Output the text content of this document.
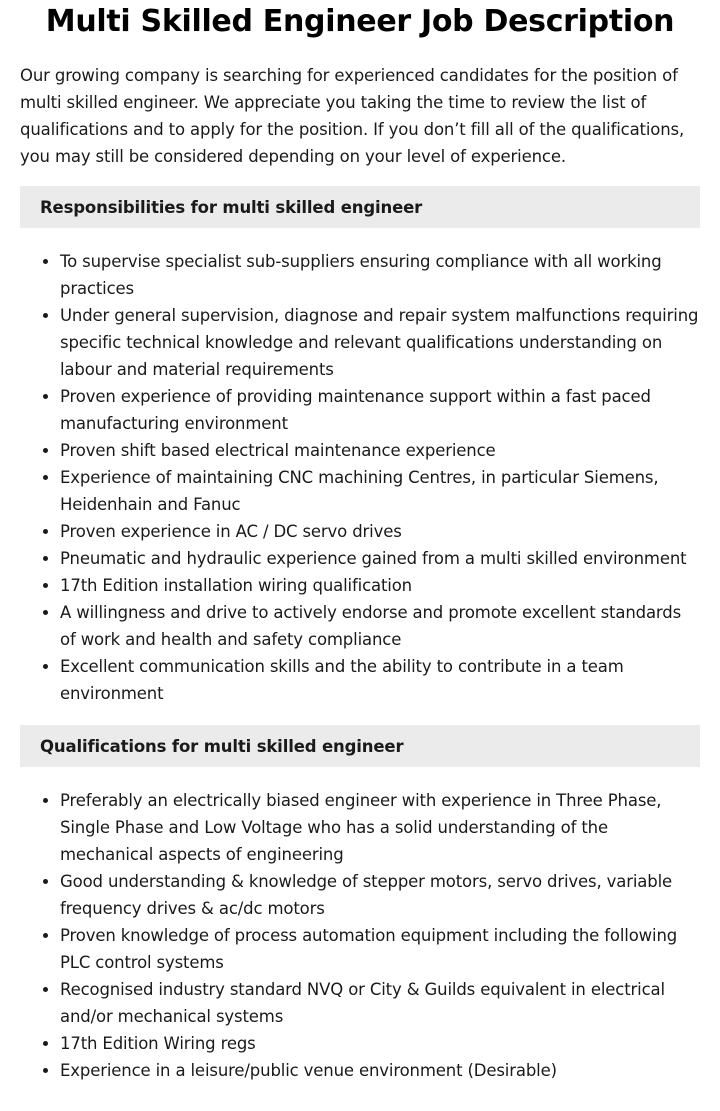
Multi Skilled Engineer Job Description

Our growing company is searching for experienced candidates for the position of multi skilled engineer. We appreciate you taking the time to review the list of qualifications and to apply for the position. If you don’t fill all of the qualifications, you may still be considered depending on your level of experience.

Responsibilities for multi skilled engineer
• To supervise specialist sub-suppliers ensuring compliance with all working practices
• Under general supervision, diagnose and repair system malfunctions requiring specific technical knowledge and relevant qualifications understanding on labour and material requirements
• Proven experience of providing maintenance support within a fast paced manufacturing environment
• Proven shift based electrical maintenance experience
• Experience of maintaining CNC machining Centres, in particular Siemens, Heidenhain and Fanuc
• Proven experience in AC / DC servo drives
• Pneumatic and hydraulic experience gained from a multi skilled environment
• 17th Edition installation wiring qualification
• A willingness and drive to actively endorse and promote excellent standards of work and health and safety compliance
• Excellent communication skills and the ability to contribute in a team environment
Qualifications for multi skilled engineer
• Preferably an electrically biased engineer with experience in Three Phase, Single Phase and Low Voltage who has a solid understanding of the mechanical aspects of engineering
• Good understanding & knowledge of stepper motors, servo drives, variable frequency drives & ac/dc motors
• Proven knowledge of process automation equipment including the following PLC control systems
• Recognised industry standard NVQ or City & Guilds equivalent in electrical and/or mechanical systems
• 17th Edition Wiring regs
• Experience in a leisure/public venue environment (Desirable)
